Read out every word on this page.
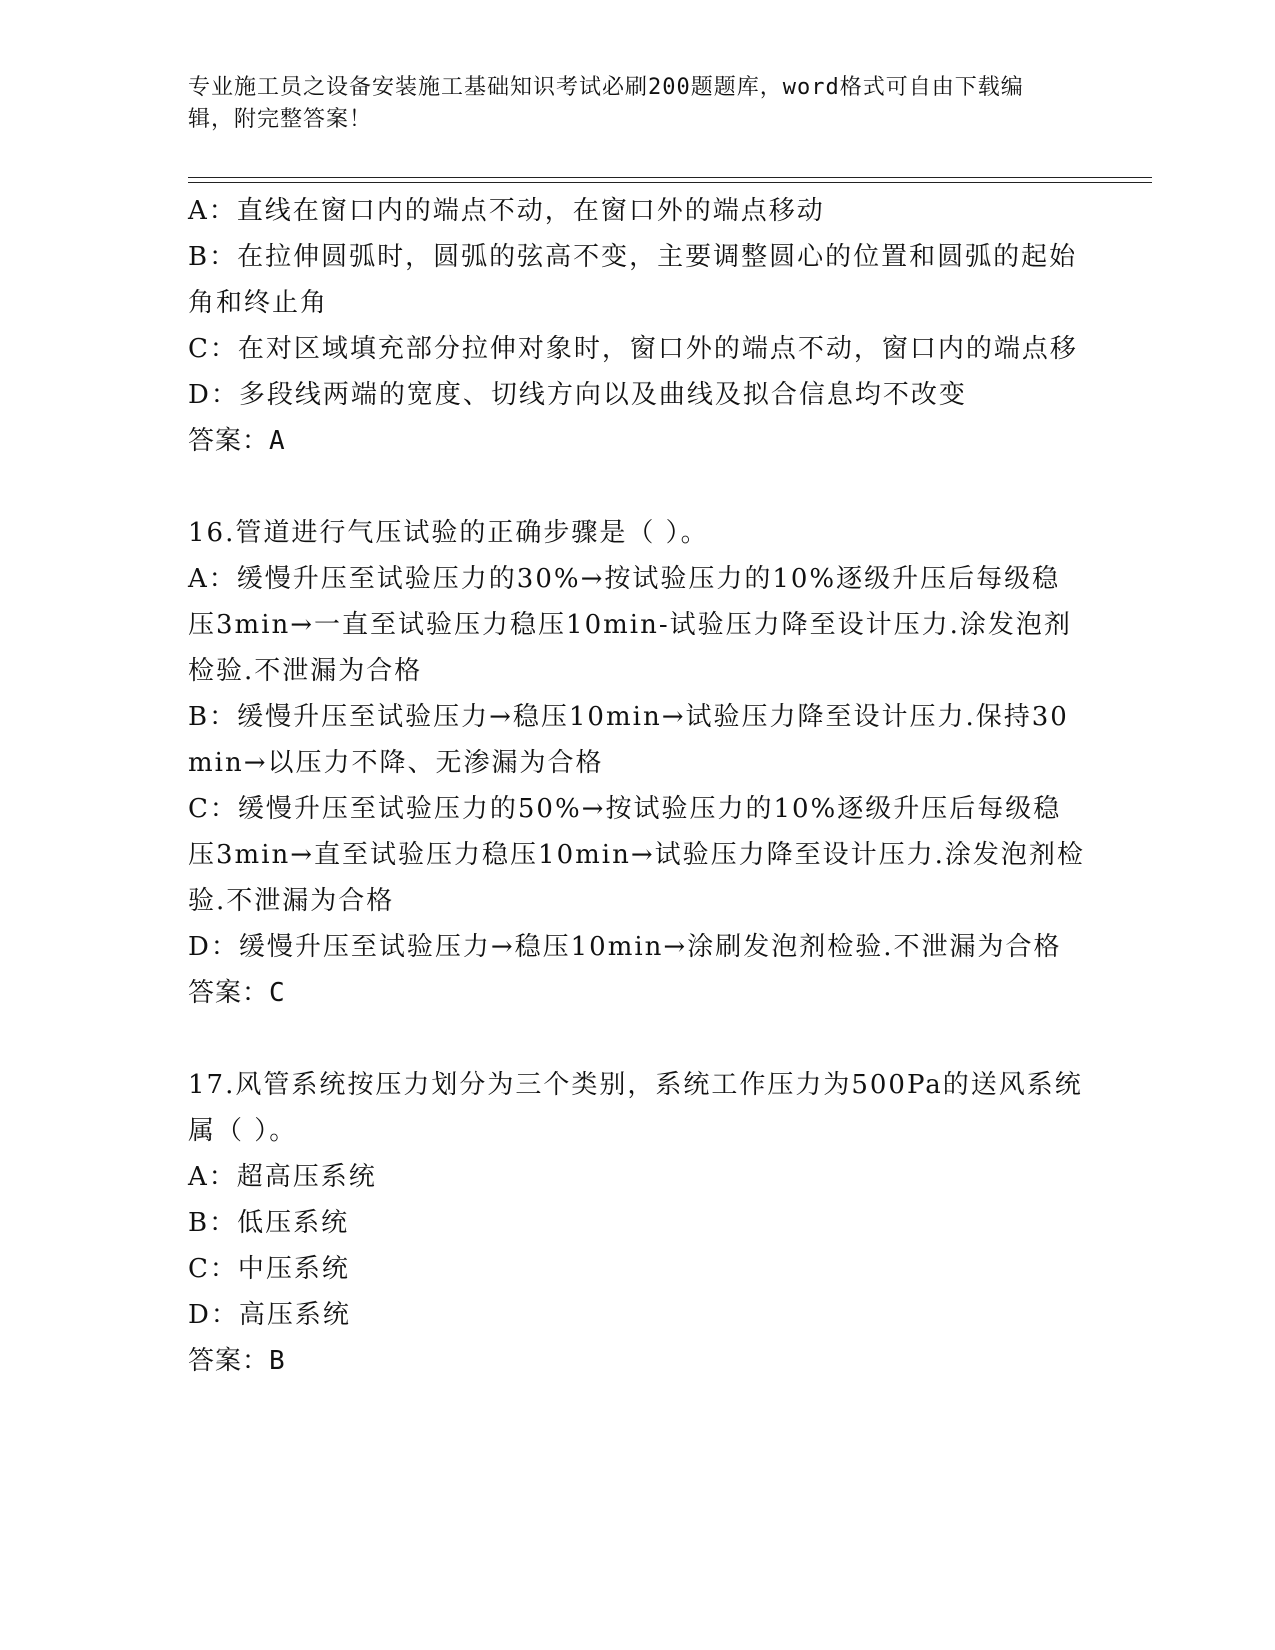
专业施工员之设备安装施工基础知识考试必刷200题题库，word格式可自由下载编辑，附完整答案！
A：直线在窗口内的端点不动，在窗口外的端点移动
B：在拉伸圆弧时，圆弧的弦高不变，主要调整圆心的位置和圆弧的起始角和终止角
C：在对区域填充部分拉伸对象时，窗口外的端点不动，窗口内的端点移
D：多段线两端的宽度、切线方向以及曲线及拟合信息均不改变
答案：A
16.管道进行气压试验的正确步骤是（ ）。
A：缓慢升压至试验压力的30%→按试验压力的10%逐级升压后每级稳压3min→一直至试验压力稳压10min-试验压力降至设计压力.涂发泡剂检验.不泄漏为合格
B：缓慢升压至试验压力→稳压10min→试验压力降至设计压力.保持30min→以压力不降、无渗漏为合格
C：缓慢升压至试验压力的50%→按试验压力的10%逐级升压后每级稳压3min→直至试验压力稳压10min→试验压力降至设计压力.涂发泡剂检验.不泄漏为合格
D：缓慢升压至试验压力→稳压10min→涂刷发泡剂检验.不泄漏为合格
答案：C
17.风管系统按压力划分为三个类别，系统工作压力为500Pa的送风系统属（ ）。
A：超高压系统
B：低压系统
C：中压系统
D：高压系统
答案：B
